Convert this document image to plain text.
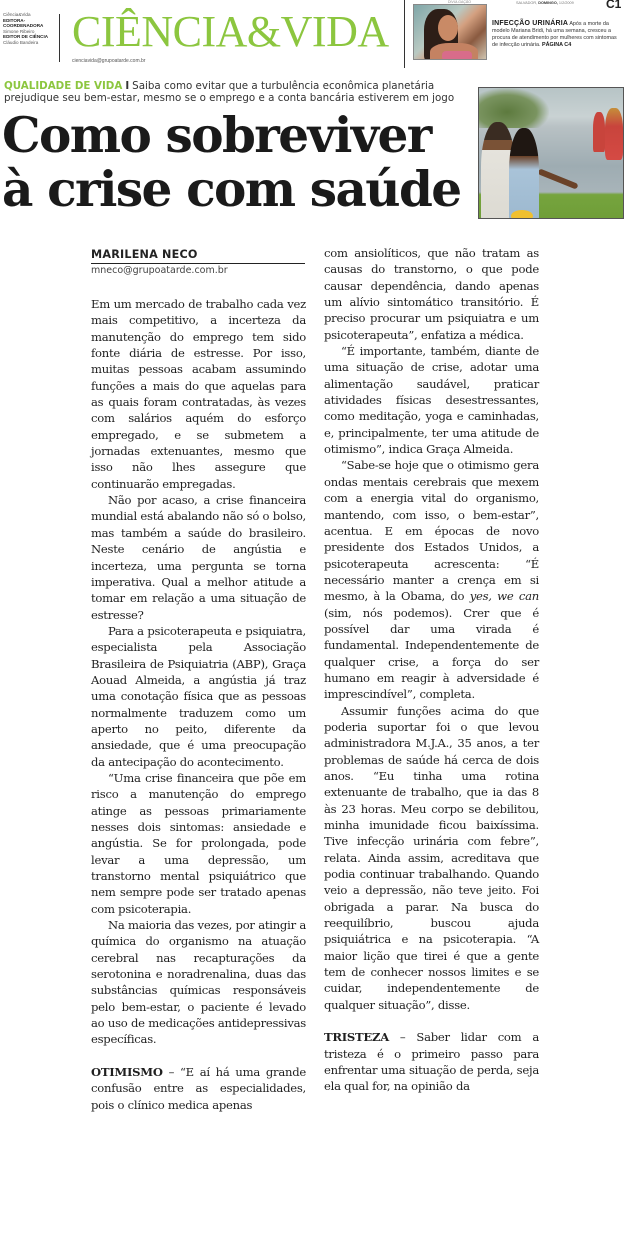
Ciência&Vida
EDITORA-COORDENADORA
Simone Ribeiro
EDITOR DE CIÊNCIA
Cláudio Bandeira CIÊNCIA&VIDA
cienciavida@grupoatarde.com.br
DIVULGAÇÃO	SALVADOR, DOMINGO, 1/2/2009	C1
INFECÇÃO URINÁRIA Após a morte da modelo Mariana Bridi, há uma semana, cresceu a procura de atendimento por mulheres com sintomas de infecção urinária. PÁGINA C4
QUALIDADE DE VIDA I Saiba como evitar que a turbulência econômica planetária prejudique seu bem-estar, mesmo se o emprego e a conta bancária estiverem em jogo
Como sobreviver
à crise com saúde
MARILENA NECO
mneco@grupoatarde.com.br

Em um mercado de trabalho cada vez mais competitivo, a incerteza da manutenção do emprego tem sido fonte diária de estresse. Por isso, muitas pessoas acabam assumindo funções a mais do que aquelas para as quais foram contratadas, às vezes com salários aquém do esforço empregado, e se submetem a jornadas extenuantes, mesmo que isso não lhes assegure que continuarão empregadas.

Não por acaso, a crise financeira mundial está abalando não só o bolso, mas também a saúde do brasileiro. Neste cenário de angústia e incerteza, uma pergunta se torna imperativa. Qual a melhor atitude a tomar em relação a uma situação de estresse?

Para a psicoterapeuta e psiquiatra, especialista pela Associação Brasileira de Psiquiatria (ABP), Graça Aouad Almeida, a angústia já traz uma conotação física que as pessoas normalmente traduzem como um aperto no peito, diferente da ansiedade, que é uma preocupação da antecipação do acontecimento.

“Uma crise financeira que põe em risco a manutenção do emprego atinge as pessoas primariamente nesses dois sintomas: ansiedade e angústia. Se for prolongada, pode levar a uma depressão, um transtorno mental psiquiátrico que nem sempre pode ser tratado apenas com psicoterapia.

Na maioria das vezes, por atingir a química do organismo na atuação cerebral nas recapturações da serotonina e noradrenalina, duas das substâncias químicas responsáveis pelo bem-estar, o paciente é levado ao uso de medicações antidepressivas específicas.

OTIMISMO – “E aí há uma grande confusão entre as especialidades, pois o clínico medica apenas

com ansiolíticos, que não tratam as causas do transtorno, o que pode causar dependência, dando apenas um alívio sintomático transitório. É preciso procurar um psiquiatra e um psicoterapeuta”, enfatiza a médica.

“É importante, também, diante de uma situação de crise, adotar uma alimentação saudável, praticar atividades físicas desestressantes, como meditação, yoga e caminhadas, e, principalmente, ter uma atitude de otimismo”, indica Graça Almeida.

“Sabe-se hoje que o otimismo gera ondas mentais cerebrais que mexem com a energia vital do organismo, mantendo, com isso, o bem-estar”, acentua. E em épocas de novo presidente dos Estados Unidos, a psicoterapeuta acrescenta: “É necessário manter a crença em si mesmo, à la Obama, do yes, we can (sim, nós podemos). Crer que é possível dar uma virada é fundamental. Independentemente de qualquer crise, a força do ser humano em reagir à adversidade é imprescindível”, completa.

Assumir funções acima do que poderia suportar foi o que levou administradora M.J.A., 35 anos, a ter problemas de saúde há cerca de dois anos. “Eu tinha uma rotina extenuante de trabalho, que ia das 8 às 23 horas. Meu corpo se debilitou, minha imunidade ficou baixíssima. Tive infecção urinária com febre”, relata. Ainda assim, acreditava que podia continuar trabalhando. Quando veio a depressão, não teve jeito. Foi obrigada a parar. Na busca do reequilíbrio, buscou ajuda psiquiátrica e na psicoterapia. “A maior lição que tirei é que a gente tem de conhecer nossos limites e se cuidar, independentemente de qualquer situação”, disse.

TRISTEZA – Saber lidar com a tristeza é o primeiro passo para enfrentar uma situação de perda, seja ela qual for, na opinião da
